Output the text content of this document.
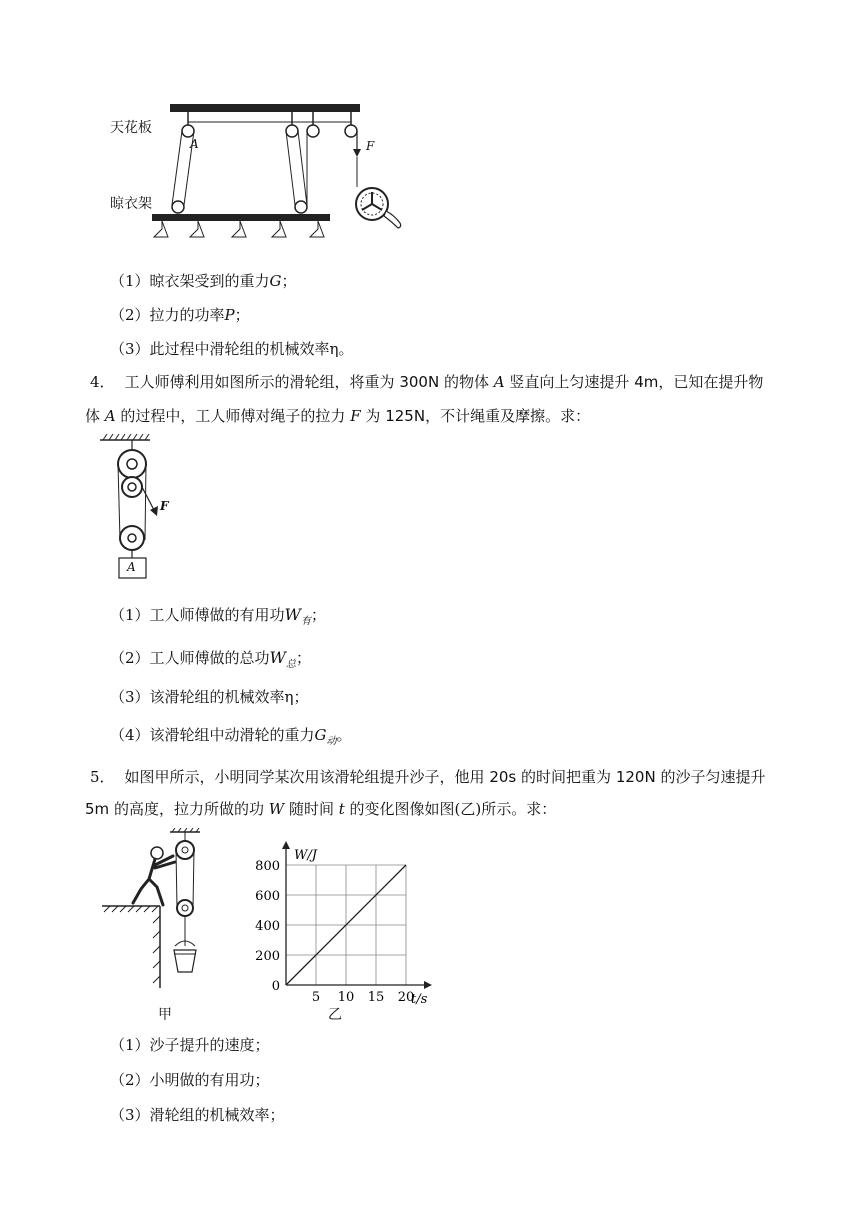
天花板
晾衣架
A	F
（1）晾衣架受到的重力G；
（2）拉力的功率P；
（3）此过程中滑轮组的机械效率η。
4． 工人师傅利用如图所示的滑轮组，将重为 300N 的物体 A 竖直向上匀速提升 4m，已知在提升物
体 A 的过程中，工人师傅对绳子的拉力 F 为 125N，不计绳重及摩擦。求：
F
A
（1）工人师傅做的有用功$W_有$；
（2）工人师傅做的总功$W_总$；
（3）该滑轮组的机械效率η；
（4）该滑轮组中动滑轮的重力$G_动$。
5． 如图甲所示，小明同学某次用该滑轮组提升沙子，他用 20s 的时间把重为 120N 的沙子匀速提升
5m 的高度，拉力所做的功 W 随时间 t 的变化图像如图(乙)所示。求：
甲
5 10 15 20
0
200
400
600
800
t/s
W/J
乙
（1）沙子提升的速度；
（2）小明做的有用功；
（3）滑轮组的机械效率；
